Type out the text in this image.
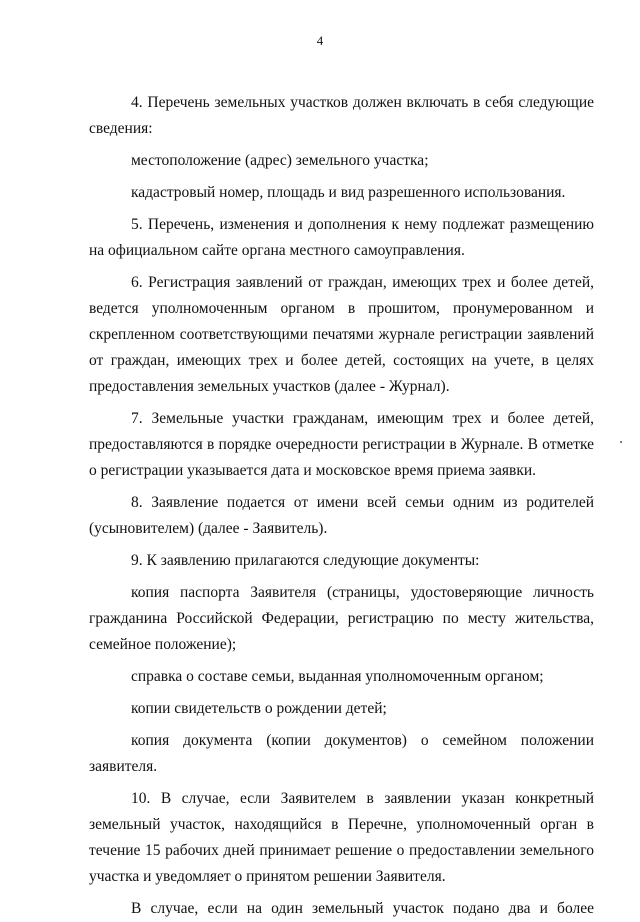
4

4. Перечень земельных участков должен включать в себя следующие сведения:

местоположение (адрес) земельного участка;

кадастровый номер, площадь и вид разрешенного использования.

5. Перечень, изменения и дополнения к нему подлежат размещению на официальном сайте органа местного самоуправления.

6. Регистрация заявлений от граждан, имеющих трех и более детей, ведется уполномоченным органом в прошитом, пронумерованном и скрепленном соответствующими печатями журнале регистрации заявлений от граждан, имеющих трех и более детей, состоящих на учете, в целях предоставления земельных участков (далее - Журнал).

7. Земельные участки гражданам, имеющим трех и более детей, предоставляются в порядке очередности регистрации в Журнале. В отметке о регистрации указывается дата и московское время приема заявки.

8. Заявление подается от имени всей семьи одним из родителей (усыновителем) (далее - Заявитель).

9. К заявлению прилагаются следующие документы:

копия паспорта Заявителя (страницы, удостоверяющие личность гражданина Российской Федерации, регистрацию по месту жительства, семейное положение);

справка о составе семьи, выданная уполномоченным органом;

копии свидетельств о рождении детей;

копия документа (копии документов) о семейном положении заявителя.

10. В случае, если Заявителем в заявлении указан конкретный земельный участок, находящийся в Перечне, уполномоченный орган в течение 15 рабочих дней принимает решение о предоставлении земельного участка и уведомляет о принятом решении Заявителя.

В случае, если на один земельный участок подано два и более
